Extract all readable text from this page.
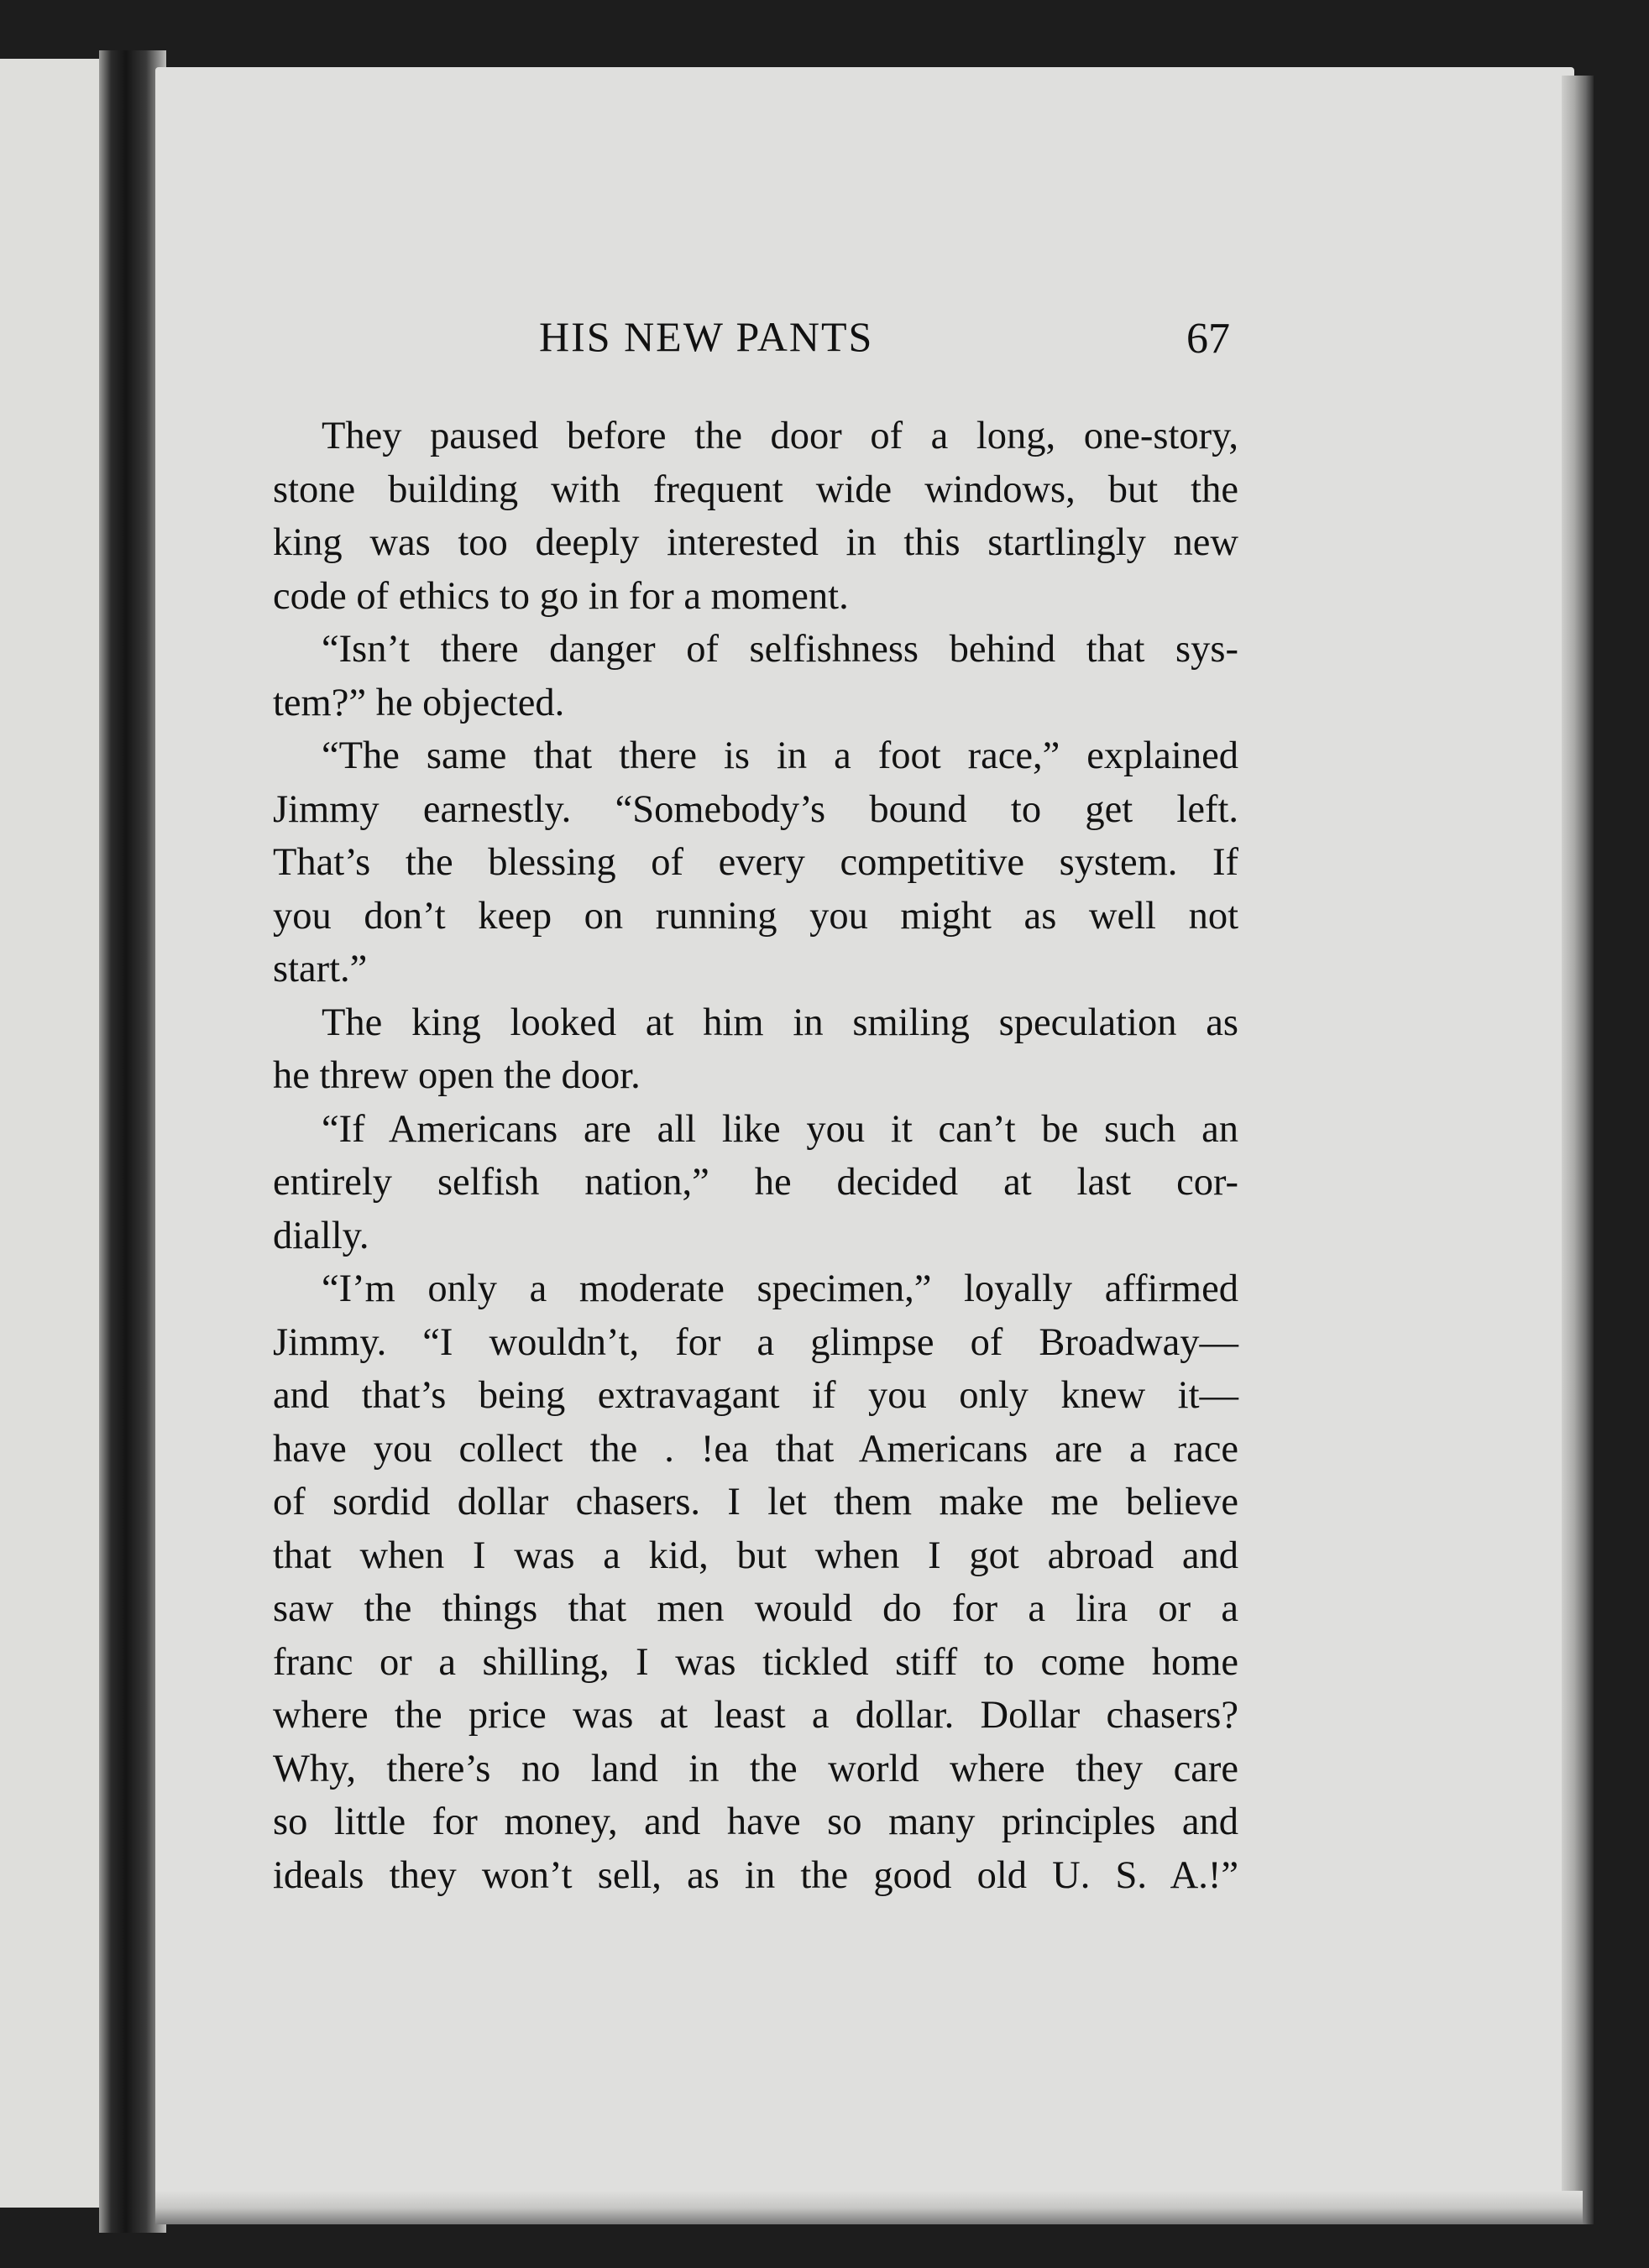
HIS NEW PANTS	67
They paused before the door of a long, one-story,
stone building with frequent wide windows, but the
king was too deeply interested in this startlingly new
code of ethics to go in for a moment.
“Isn’t there danger of selfishness behind that sys-
tem?” he objected.
“The same that there is in a foot race,” explained
Jimmy earnestly. “Somebody’s bound to get left.
That’s the blessing of every competitive system. If
you don’t keep on running you might as well not
start.”
The king looked at him in smiling speculation as
he threw open the door.
“If Americans are all like you it can’t be such an
entirely selfish nation,” he decided at last cor-
dially.
“I’m only a moderate specimen,” loyally affirmed
Jimmy. “I wouldn’t, for a glimpse of Broadway—
and that’s being extravagant if you only knew it—
have you collect the . !ea that Americans are a race
of sordid dollar chasers. I let them make me believe
that when I was a kid, but when I got abroad and
saw the things that men would do for a lira or a
franc or a shilling, I was tickled stiff to come home
where the price was at least a dollar. Dollar chasers?
Why, there’s no land in the world where they care
so little for money, and have so many principles and
ideals they won’t sell, as in the good old U. S. A.!”
